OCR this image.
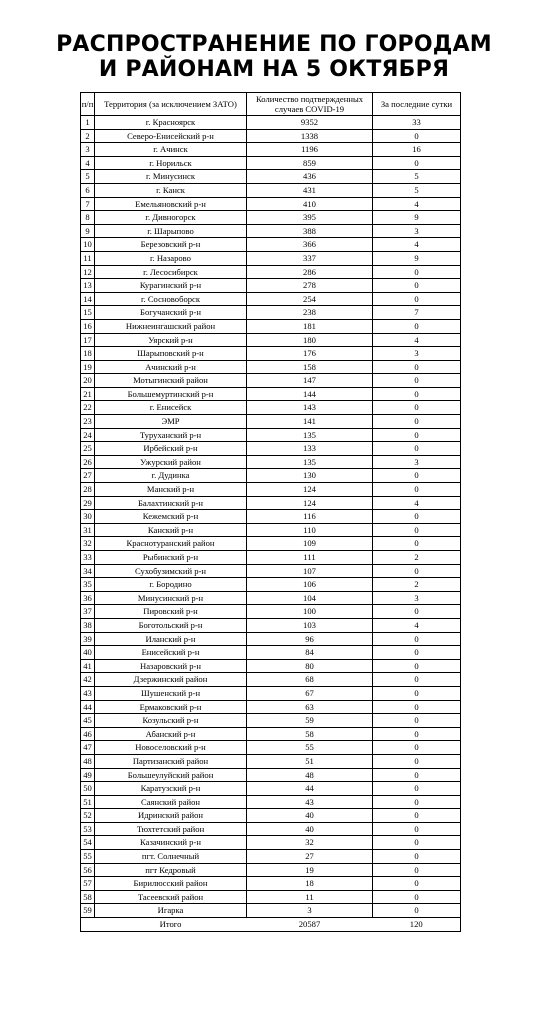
РАСПРОСТРАНЕНИЕ ПО ГОРОДАМ
И РАЙОНАМ НА 5 ОКТЯБРЯ
п/п	Территория (за исключением ЗАТО)	Количество подтвержденных случаев COVID-19	За последние сутки
1	г. Красноярск	9352	33
2	Северо-Енисейский р-н	1338	0
3	г. Ачинск	1196	16
4	г. Норильск	859	0
5	г. Минусинск	436	5
6	г. Канск	431	5
7	Емельяновский р-н	410	4
8	г. Дивногорск	395	9
9	г. Шарыпово	388	3
10	Березовский р-н	366	4
11	г. Назарово	337	9
12	г. Лесосибирск	286	0
13	Курагинский р-н	278	0
14	г. Сосновоборск	254	0
15	Богучанский р-н	238	7
16	Нижнеингашский район	181	0
17	Уярский р-н	180	4
18	Шарыповский р-н	176	3
19	Ачинский р-н	158	0
20	Мотыгинский район	147	0
21	Большемуртинский р-н	144	0
22	г. Енисейск	143	0
23	ЭМР	141	0
24	Туруханский р-н	135	0
25	Ирбейский р-н	133	0
26	Ужурский район	135	3
27	г. Дудинка	130	0
28	Манский р-н	124	0
29	Балахтинский р-н	124	4
30	Кежемский р-н	116	0
31	Канский р-н	110	0
32	Краснотуранский район	109	0
33	Рыбинский р-н	111	2
34	Сухобузимский р-н	107	0
35	г. Бородино	106	2
36	Минусинский р-н	104	3
37	Пировский р-н	100	0
38	Боготольский р-н	103	4
39	Иланский р-н	96	0
40	Енисейский р-н	84	0
41	Назаровский р-н	80	0
42	Дзержинский район	68	0
43	Шушенский р-н	67	0
44	Ермаковский р-н	63	0
45	Козульский р-н	59	0
46	Абанский р-н	58	0
47	Новоселовский р-н	55	0
48	Партизанский район	51	0
49	Большеулуйский район	48	0
50	Каратузский р-н	44	0
51	Саянский район	43	0
52	Идринский район	40	0
53	Тюхтетский район	40	0
54	Казачинский р-н	32	0
55	пгт. Солнечный	27	0
56	пгт Кедровый	19	0
57	Бирилюсский район	18	0
58	Тасеевский район	11	0
59	Игарка	3	0
	Итого	20587	120
